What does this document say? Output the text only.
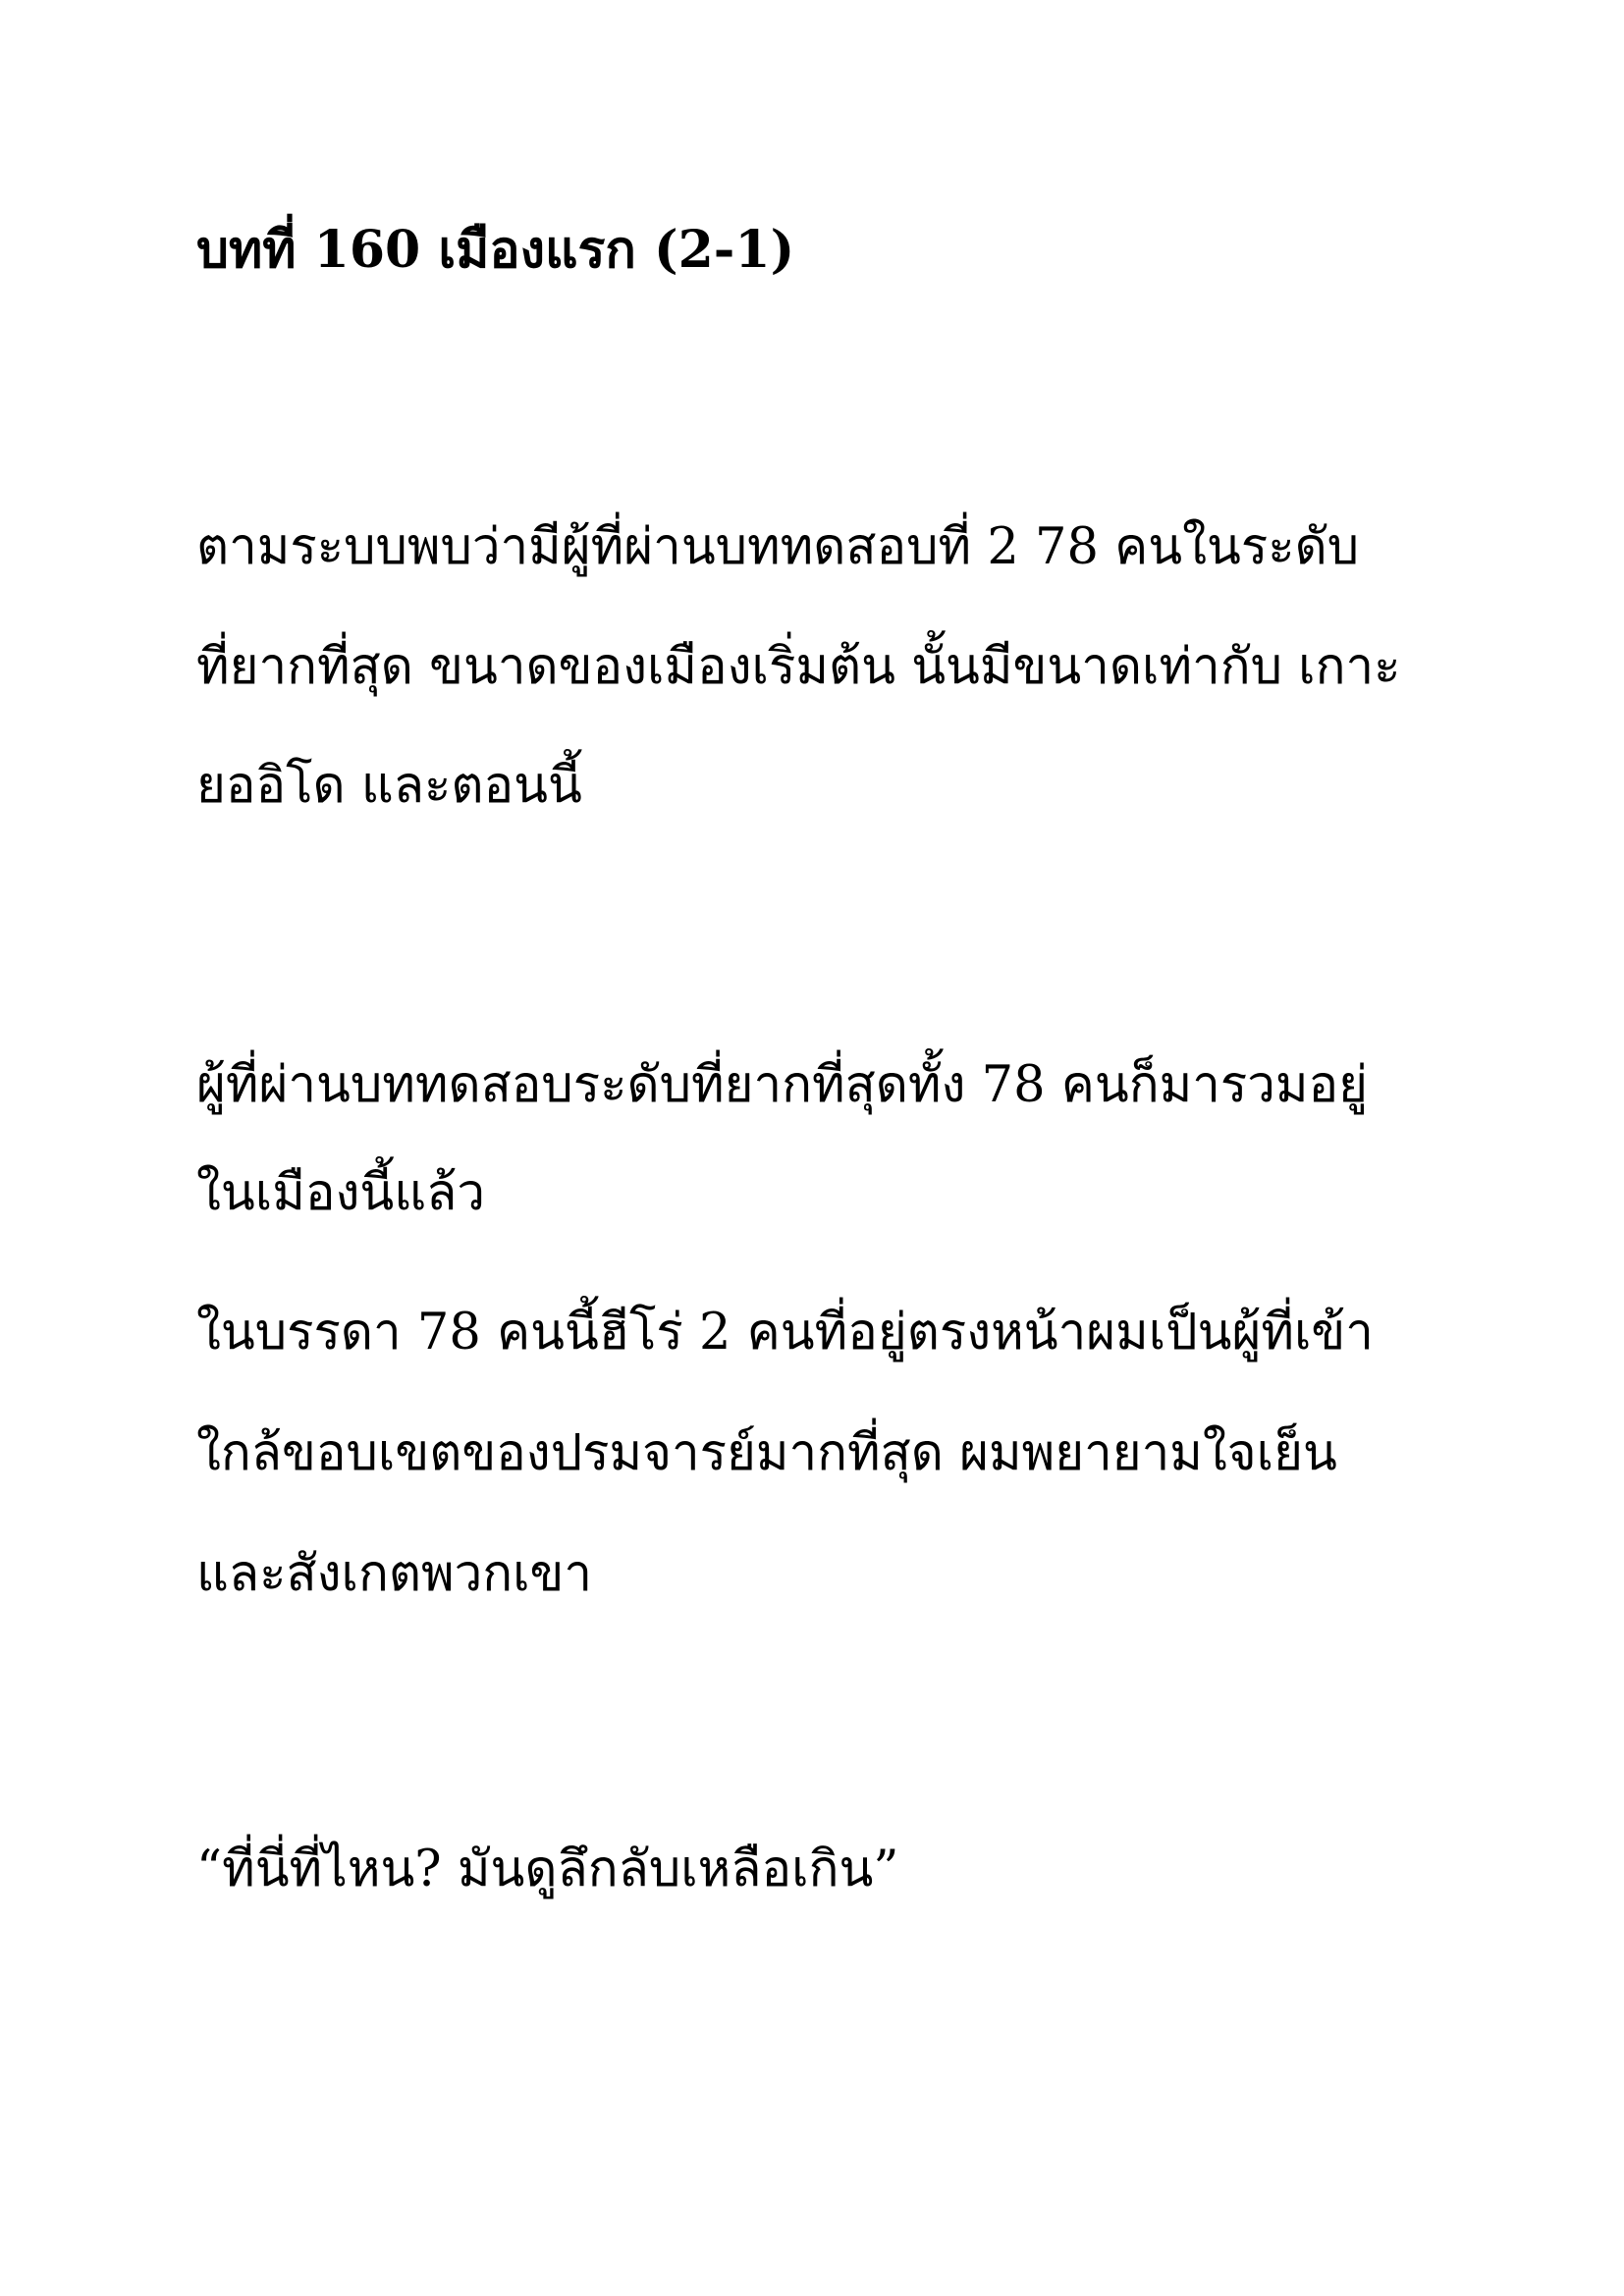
บทที่ 160 เมืองแรก (2-1)

ตามระบบพบว่ามีผู้ที่ผ่านบททดสอบที่ 2 78 คนในระดับ

ที่ยากที่สุด ขนาดของเมืองเริ่มต้น นั้นมีขนาดเท่ากับ เกาะ

ยออิโด และตอนนี้

ผู้ที่ผ่านบททดสอบระดับที่ยากที่สุดทั้ง 78 คนก็มารวมอยู่

ในเมืองนี้แล้ว

ในบรรดา 78 คนนี้ฮีโร่ 2 คนที่อยู่ตรงหน้าผมเป็นผู้ที่เข้า

ใกล้ขอบเขตของปรมจารย์มากที่สุด ผมพยายามใจเย็น

และสังเกตพวกเขา

“ที่นี่ที่ไหน? มันดูลึกลับเหลือเกิน”
